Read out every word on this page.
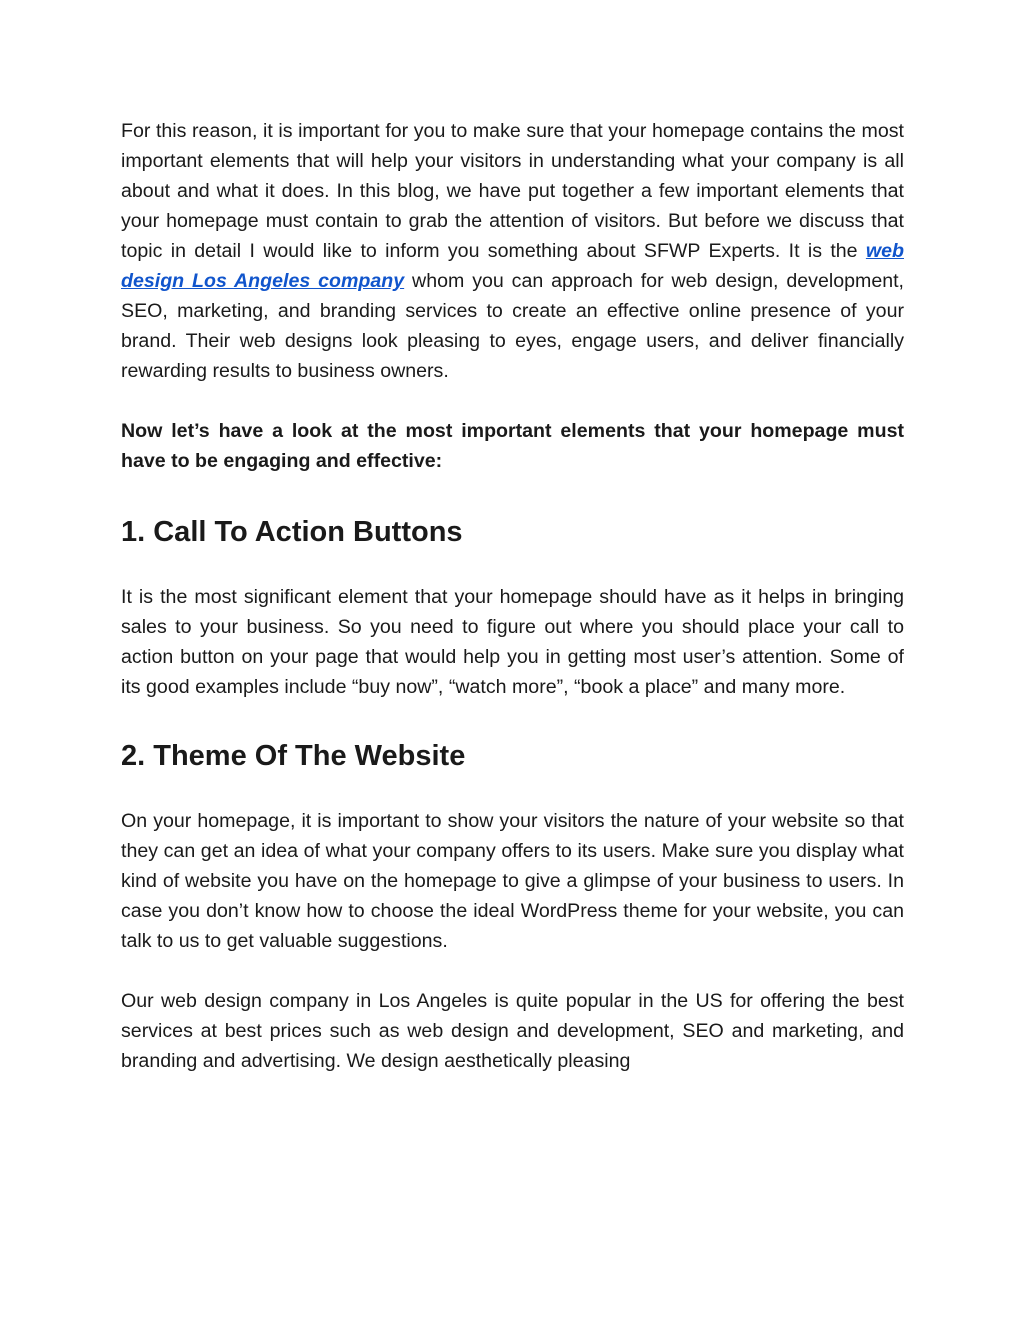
For this reason, it is important for you to make sure that your homepage contains the most important elements that will help your visitors in understanding what your company is all about and what it does. In this blog, we have put together a few important elements that your homepage must contain to grab the attention of visitors. But before we discuss that topic in detail I would like to inform you something about SFWP Experts. It is the web design Los Angeles company whom you can approach for web design, development, SEO, marketing, and branding services to create an effective online presence of your brand. Their web designs look pleasing to eyes, engage users, and deliver financially rewarding results to business owners.

Now let’s have a look at the most important elements that your homepage must have to be engaging and effective:

1. Call To Action Buttons

It is the most significant element that your homepage should have as it helps in bringing sales to your business. So you need to figure out where you should place your call to action button on your page that would help you in getting most user’s attention. Some of its good examples include “buy now”, “watch more”, “book a place” and many more.

2. Theme Of The Website

On your homepage, it is important to show your visitors the nature of your website so that they can get an idea of what your company offers to its users. Make sure you display what kind of website you have on the homepage to give a glimpse of your business to users. In case you don’t know how to choose the ideal WordPress theme for your website, you can talk to us to get valuable suggestions.

Our web design company in Los Angeles is quite popular in the US for offering the best services at best prices such as web design and development, SEO and marketing, and branding and advertising. We design aesthetically pleasing
